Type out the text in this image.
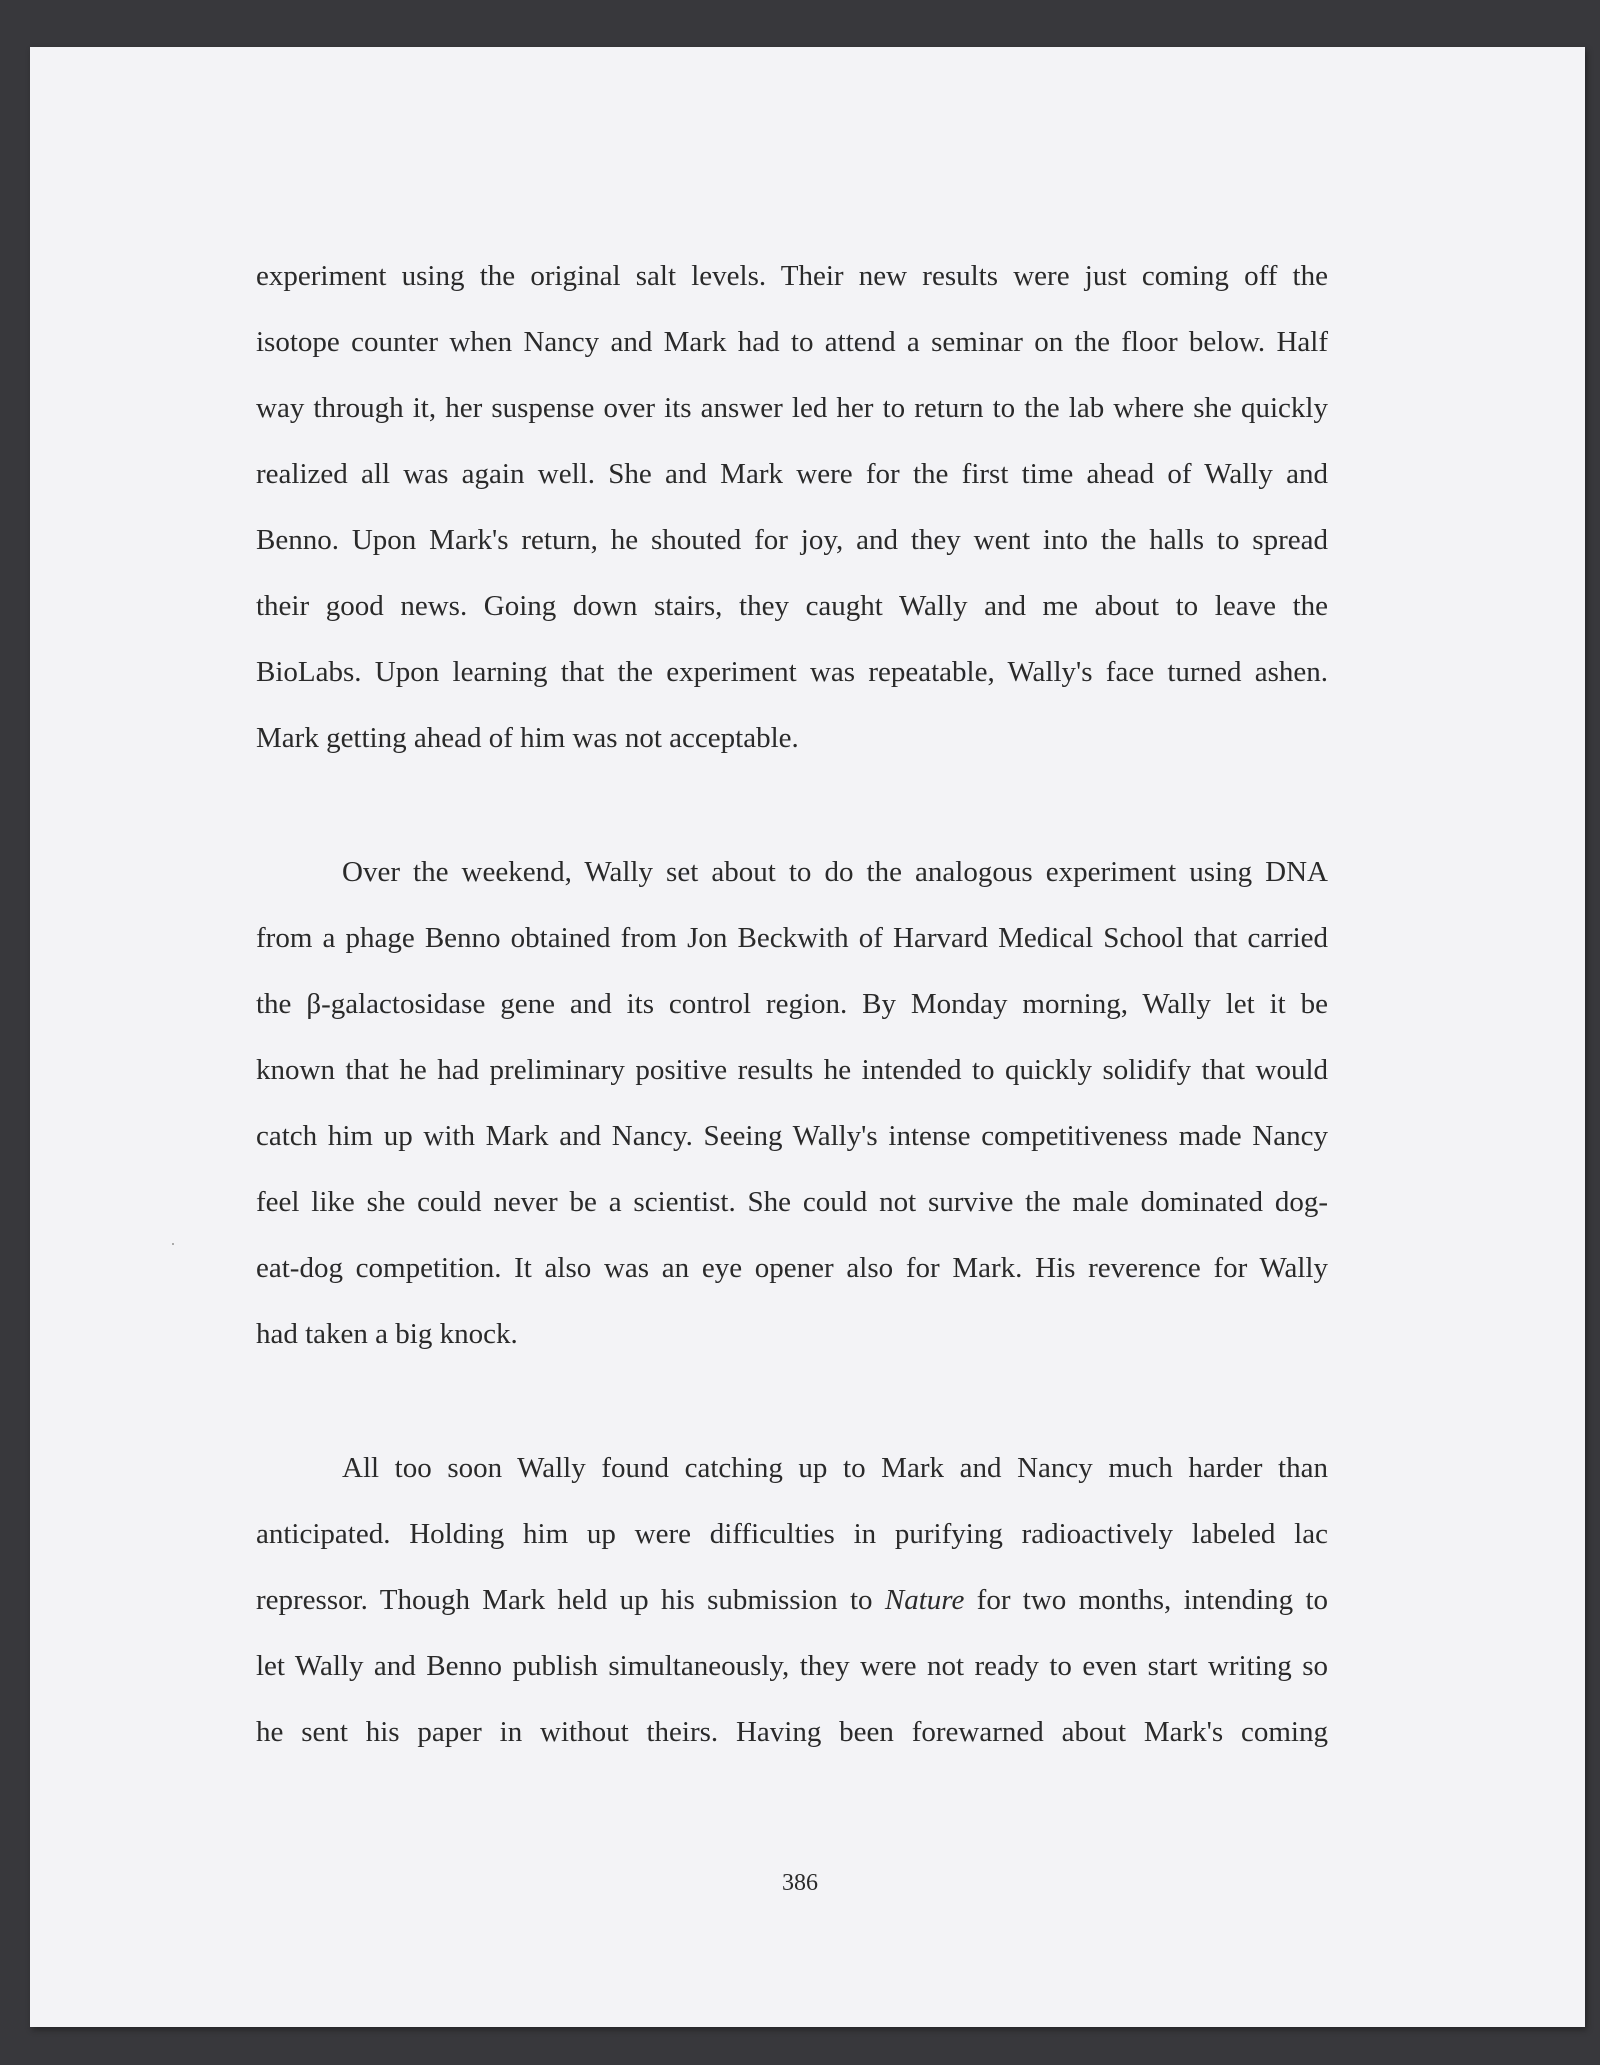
experiment using the original salt levels. Their new results were just coming off the
isotope counter when Nancy and Mark had to attend a seminar on the floor below. Half
way through it, her suspense over its answer led her to return to the lab where she quickly
realized all was again well. She and Mark were for the first time ahead of Wally and
Benno. Upon Mark's return, he shouted for joy, and they went into the halls to spread
their good news. Going down stairs, they caught Wally and me about to leave the
BioLabs. Upon learning that the experiment was repeatable, Wally's face turned ashen.
Mark getting ahead of him was not acceptable.
Over the weekend, Wally set about to do the analogous experiment using DNA
from a phage Benno obtained from Jon Beckwith of Harvard Medical School that carried
the β-galactosidase gene and its control region. By Monday morning, Wally let it be
known that he had preliminary positive results he intended to quickly solidify that would
catch him up with Mark and Nancy. Seeing Wally's intense competitiveness made Nancy
feel like she could never be a scientist. She could not survive the male dominated dog-
eat-dog competition. It also was an eye opener also for Mark. His reverence for Wally
had taken a big knock.
All too soon Wally found catching up to Mark and Nancy much harder than
anticipated. Holding him up were difficulties in purifying radioactively labeled lac
repressor. Though Mark held up his submission to Nature for two months, intending to
let Wally and Benno publish simultaneously, they were not ready to even start writing so
he sent his paper in without theirs. Having been forewarned about Mark's coming
386
